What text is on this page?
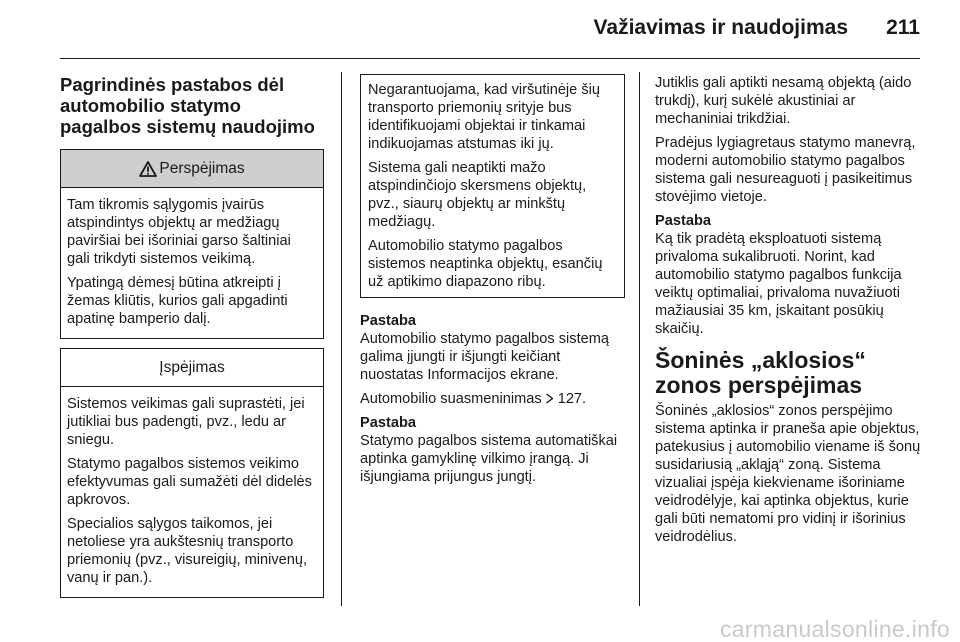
Važiavimas ir naudojimas 211
Pagrindinės pastabos dėl automobilio statymo pagalbos sistemų naudojimo
Perspėjimas

Tam tikromis sąlygomis įvairūs atspindintys objektų ar medžiagų paviršiai bei išoriniai garso šaltiniai gali trikdyti sistemos veikimą.

Ypatingą dėmesį būtina atkreipti į žemas kliūtis, kurios gali apgadinti apatinę bamperio dalį.

Įspėjimas

Sistemos veikimas gali suprastėti, jei jutikliai bus padengti, pvz., ledu ar sniegu.

Statymo pagalbos sistemos veikimo efektyvumas gali sumažėti dėl didelės apkrovos.

Specialios sąlygos taikomos, jei netoliese yra aukštesnių transporto priemonių (pvz., visureigių, minivenų, vanų ir pan.).

Negarantuojama, kad viršutinėje šių transporto priemonių srityje bus identifikuojami objektai ir tinkamai indikuojamas atstumas iki jų.

Sistema gali neaptikti mažo atspindinčiojo skersmens objektų, pvz., siaurų objektų ar minkštų medžiagų.

Automobilio statymo pagalbos sistemos neaptinka objektų, esančių už aptikimo diapazono ribų.

Pastaba

Automobilio statymo pagalbos sistemą galima įjungti ir išjungti keičiant nuostatas Informacijos ekrane.

Automobilio suasmeninimas 127.

Pastaba

Statymo pagalbos sistema automatiškai aptinka gamyklinę vilkimo įrangą. Ji išjungiama prijungus jungtį.

Jutiklis gali aptikti nesamą objektą (aido trukdį), kurį sukėlė akustiniai ar mechaniniai trikdžiai.

Pradėjus lygiagretaus statymo manevrą, moderni automobilio statymo pagalbos sistema gali nesureaguoti į pasikeitimus stovėjimo vietoje.

Pastaba

Ką tik pradėtą eksploatuoti sistemą privaloma sukalibruoti. Norint, kad automobilio statymo pagalbos funkcija veiktų optimaliai, privaloma nuvažiuoti mažiausiai 35 km, įskaitant posūkių skaičių.

Šoninės „aklosios“ zonos perspėjimas

Šoninės „aklosios“ zonos perspėjimo sistema aptinka ir praneša apie objektus, patekusius į automobilio viename iš šonų susidariusią „akląją“ zoną. Sistema vizualiai įspėja kiekviename išoriniame veidrodėlyje, kai aptinka objektus, kurie gali būti nematomi pro vidinį ir išorinius veidrodėlius.

carmanualsonline.info
